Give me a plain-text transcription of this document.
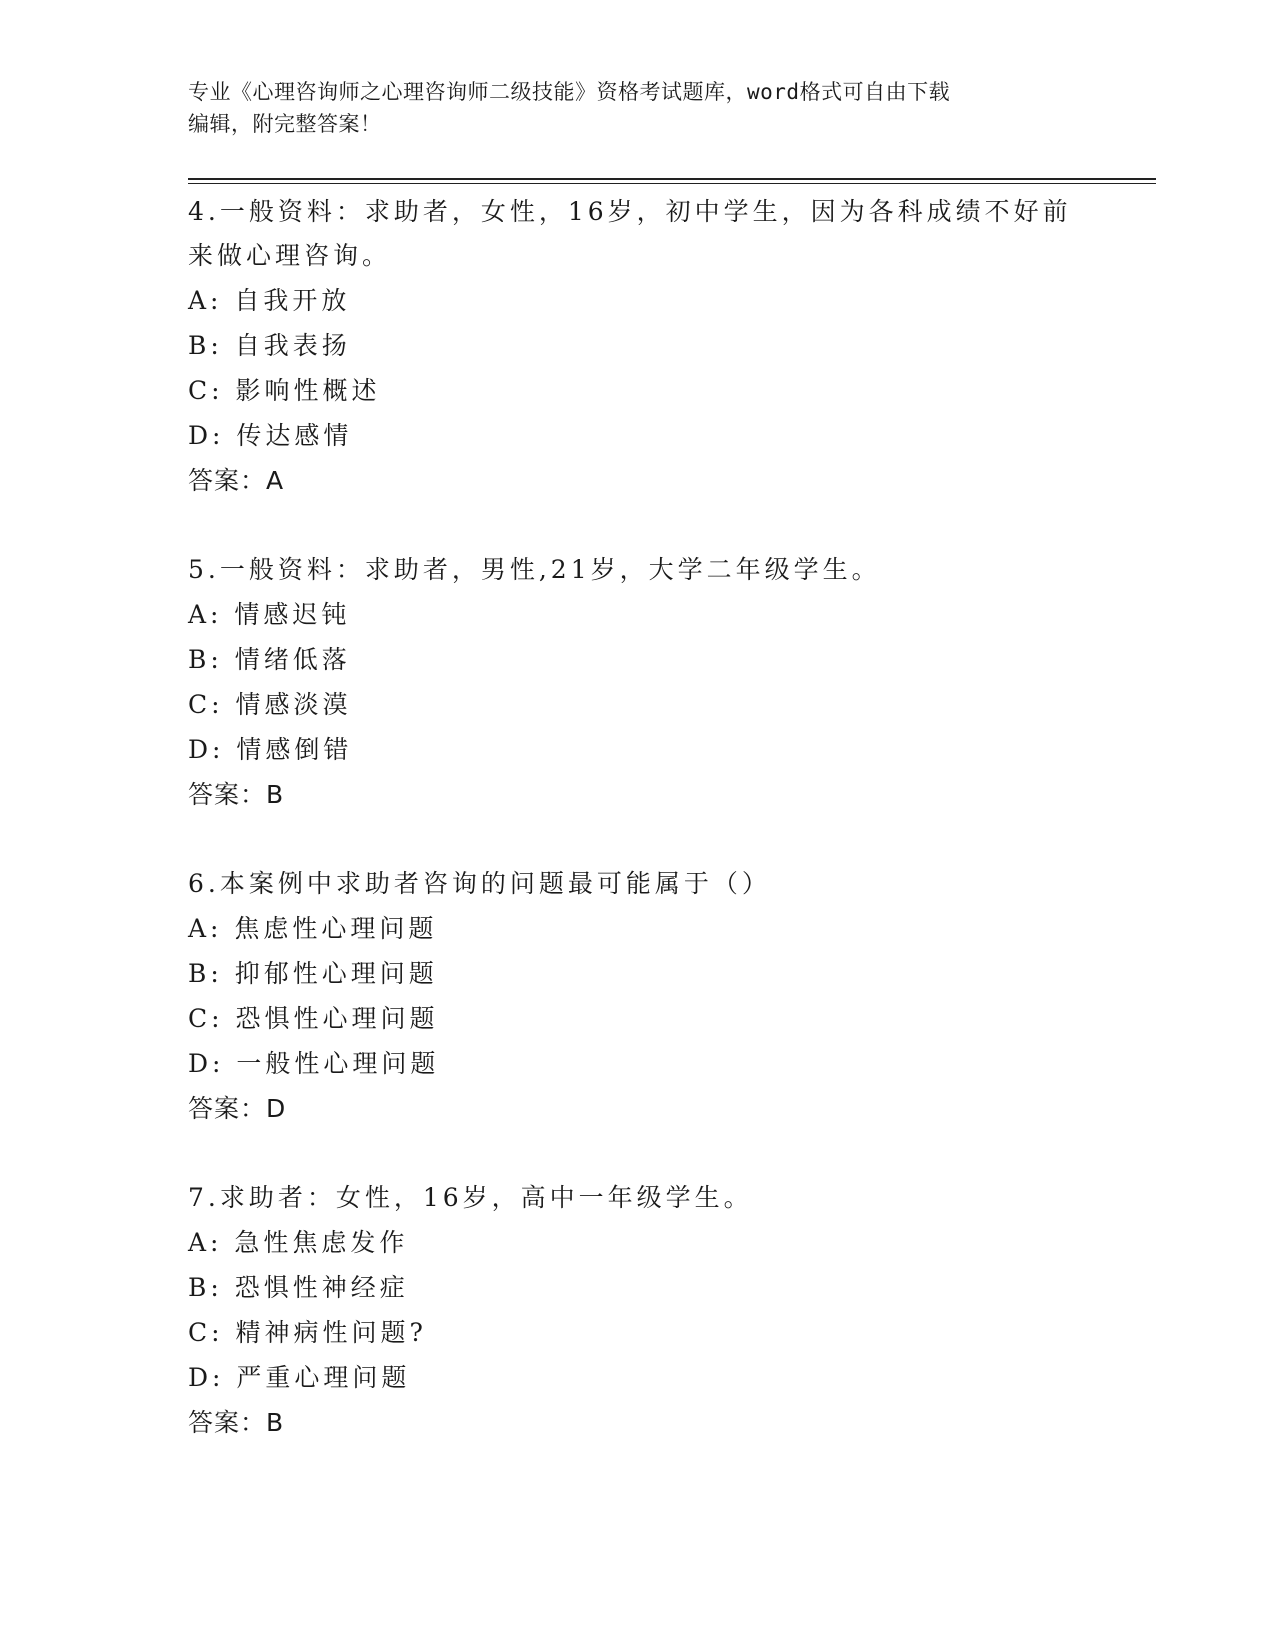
专业《心理咨询师之心理咨询师二级技能》资格考试题库，word格式可自由下载
编辑，附完整答案！

4.一般资料：求助者，女性，16岁，初中学生，因为各科成绩不好前

来做心理咨询。

A: 自我开放

B: 自我表扬

C: 影响性概述

D: 传达感情

答案：A

5.一般资料：求助者，男性,21岁，大学二年级学生。

A: 情感迟钝

B: 情绪低落

C: 情感淡漠

D: 情感倒错

答案：B

6.本案例中求助者咨询的问题最可能属于（）

A: 焦虑性心理问题

B: 抑郁性心理问题

C: 恐惧性心理问题

D: 一般性心理问题

答案：D

7.求助者：女性，16岁，高中一年级学生。

A: 急性焦虑发作

B: 恐惧性神经症

C: 精神病性问题?

D: 严重心理问题

答案：B
